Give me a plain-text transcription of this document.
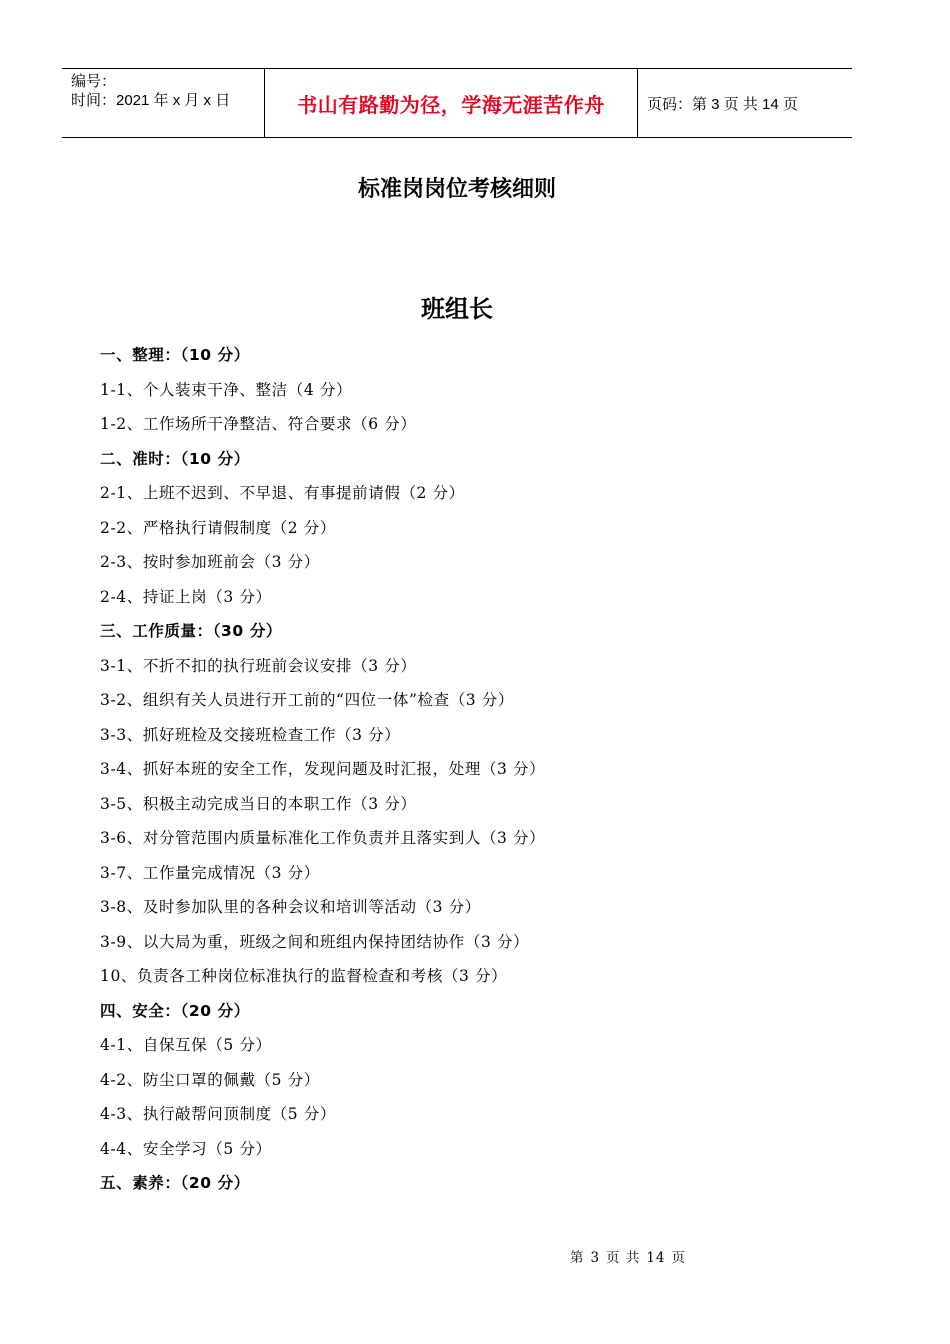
编号：
时间：2021 年 x 月 x 日	书山有路勤为径，学海无涯苦作舟	页码：第 3 页 共 14 页
标准岗岗位考核细则
班组长
一、整理：（10 分）
1-1、个人装束干净、整洁（4 分）
1-2、工作场所干净整洁、符合要求（6 分）
二、准时：（10 分）
2-1、上班不迟到、不早退、有事提前请假（2 分）
2-2、严格执行请假制度（2 分）
2-3、按时参加班前会（3 分）
2-4、持证上岗（3 分）
三、工作质量：（30 分）
3-1、不折不扣的执行班前会议安排（3 分）
3-2、组织有关人员进行开工前的“四位一体”检查（3 分）
3-3、抓好班检及交接班检查工作（3 分）
3-4、抓好本班的安全工作，发现问题及时汇报，处理（3 分）
3-5、积极主动完成当日的本职工作（3 分）
3-6、对分管范围内质量标准化工作负责并且落实到人（3 分）
3-7、工作量完成情况（3 分）
3-8、及时参加队里的各种会议和培训等活动（3 分）
3-9、以大局为重，班级之间和班组内保持团结协作（3 分）
10、负责各工种岗位标准执行的监督检查和考核（3 分）
四、安全：（20 分）
4-1、自保互保（5 分）
4-2、防尘口罩的佩戴（5 分）
4-3、执行敲帮问顶制度（5 分）
4-4、安全学习（5 分）
五、素养：（20 分）
第 3 页 共 14 页
